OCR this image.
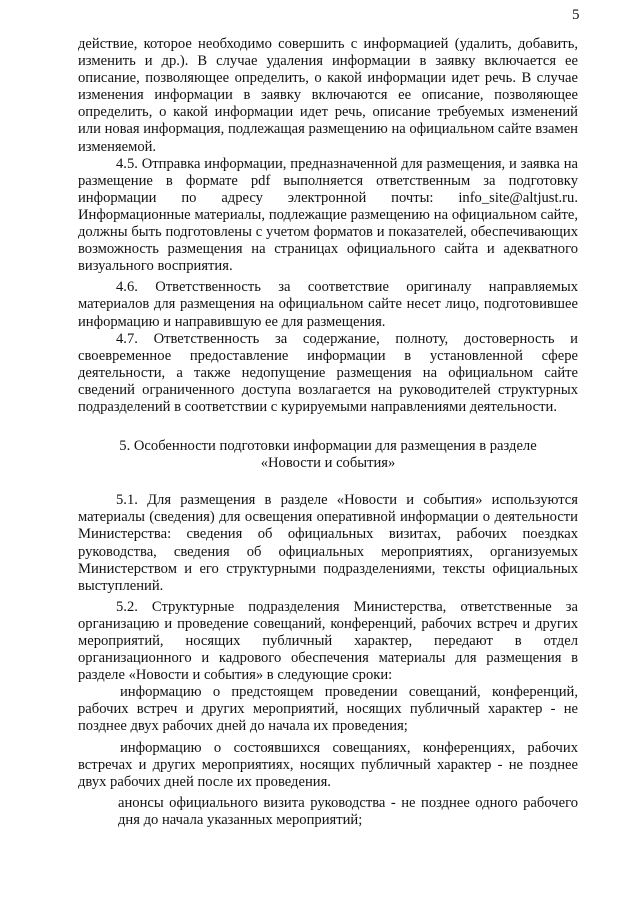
5

действие, которое необходимо совершить с информацией (удалить, добавить, изменить и др.). В случае удаления информации в заявку включается ее описание, позволяющее определить, о какой информации идет речь. В случае изменения информации в заявку включаются ее описание, позволяющее определить, о какой информации идет речь, описание требуемых изменений или новая информация, подлежащая размещению на официальном сайте взамен изменяемой.

4.5. Отправка информации, предназначенной для размещения, и заявка на размещение в формате pdf выполняется ответственным за подготовку информации по адресу электронной почты: info_site@altjust.ru. Информационные материалы, подлежащие размещению на официальном сайте, должны быть подготовлены с учетом форматов и показателей, обеспечивающих возможность размещения на страницах официального сайта и адекватного визуального восприятия.

4.6. Ответственность за соответствие оригиналу направляемых материалов для размещения на официальном сайте несет лицо, подготовившее информацию и направившую ее для размещения.

4.7. Ответственность за содержание, полноту, достоверность и своевременное предоставление информации в установленной сфере деятельности, а также недопущение размещения на официальном сайте сведений ограниченного доступа возлагается на руководителей структурных подразделений в соответствии с курируемыми направлениями деятельности.

5. Особенности подготовки информации для размещения в разделе
«Новости и события»

5.1. Для размещения в разделе «Новости и события» используются материалы (сведения) для освещения оперативной информации о деятельности Министерства: сведения об официальных визитах, рабочих поездках руководства, сведения об официальных мероприятиях, организуемых Министерством и его структурными подразделениями, тексты официальных выступлений.

5.2. Структурные подразделения Министерства, ответственные за организацию и проведение совещаний, конференций, рабочих встреч и других мероприятий, носящих публичный характер, передают в отдел организационного и кадрового обеспечения материалы для размещения в разделе «Новости и события» в следующие сроки:

информацию о предстоящем проведении совещаний, конференций, рабочих встреч и других мероприятий, носящих публичный характер - не позднее двух рабочих дней до начала их проведения;

информацию о состоявшихся совещаниях, конференциях, рабочих встречах и других мероприятиях, носящих публичный характер - не позднее двух рабочих дней после их проведения.

анонсы официального визита руководства - не позднее одного рабочего дня до начала указанных мероприятий;
